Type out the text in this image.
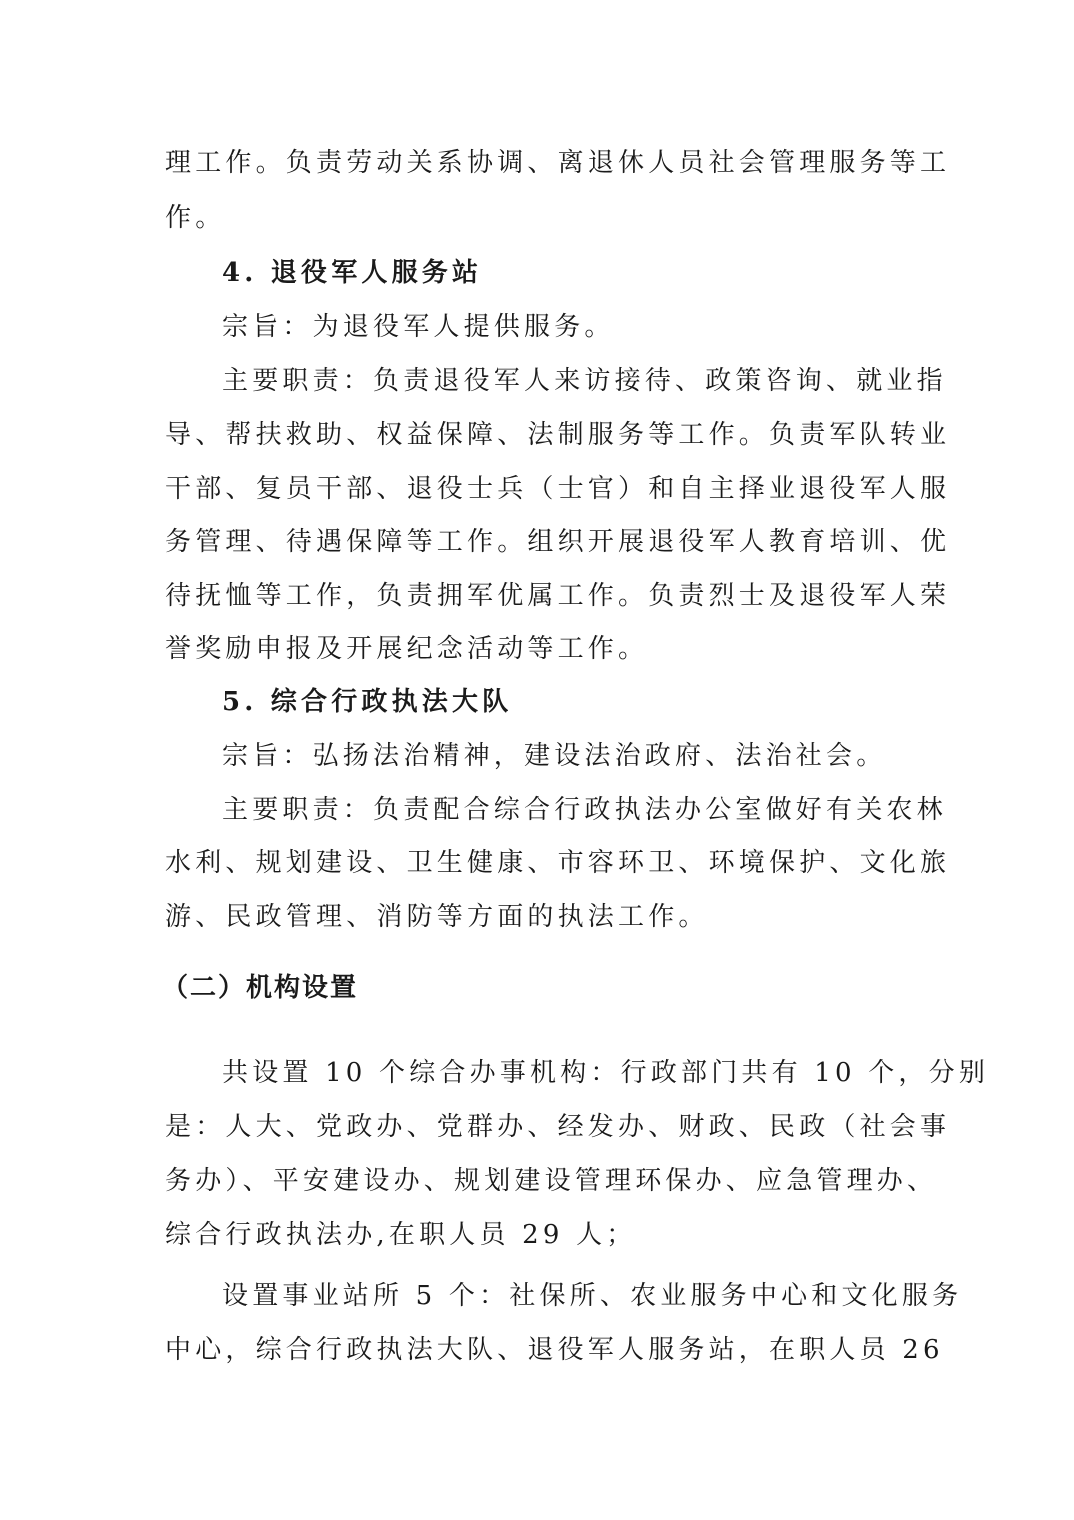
理工作。负责劳动关系协调、离退休人员社会管理服务等工
作。
4. 退役军人服务站
宗旨：为退役军人提供服务。
主要职责：负责退役军人来访接待、政策咨询、就业指
导、帮扶救助、权益保障、法制服务等工作。负责军队转业
干部、复员干部、退役士兵（士官）和自主择业退役军人服
务管理、待遇保障等工作。组织开展退役军人教育培训、优
待抚恤等工作，负责拥军优属工作。负责烈士及退役军人荣
誉奖励申报及开展纪念活动等工作。
5. 综合行政执法大队
宗旨：弘扬法治精神，建设法治政府、法治社会。
主要职责：负责配合综合行政执法办公室做好有关农林
水利、规划建设、卫生健康、市容环卫、环境保护、文化旅
游、民政管理、消防等方面的执法工作。
（二）机构设置
共设置 10 个综合办事机构：行政部门共有 10 个，分别
是：人大、党政办、党群办、经发办、财政、民政（社会事
务办）、平安建设办、规划建设管理环保办、应急管理办、
综合行政执法办,在职人员 29 人；
设置事业站所 5 个：社保所、农业服务中心和文化服务
中心，综合行政执法大队、退役军人服务站，在职人员 26
